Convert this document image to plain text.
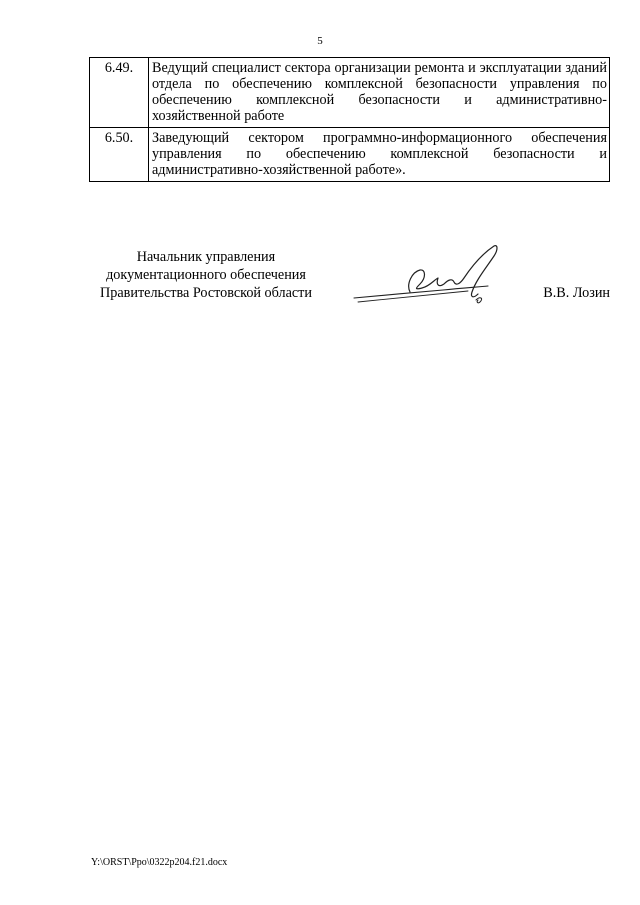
5
6.49.	Ведущий специалист сектора организации ремонта и эксплуатации зданий отдела по обеспечению комплексной безопасности управления по обеспечению комплексной безопасности и административно-хозяйственной работе
6.50.	Заведующий сектором программно-информационного обеспечения управления по обеспечению комплексной безопасности и административно-хозяйственной работе».
Начальник управления
документационного обеспечения
Правительства Ростовской области	В.В. Лозин
Y:\ORST\Ppo\0322p204.f21.docx
